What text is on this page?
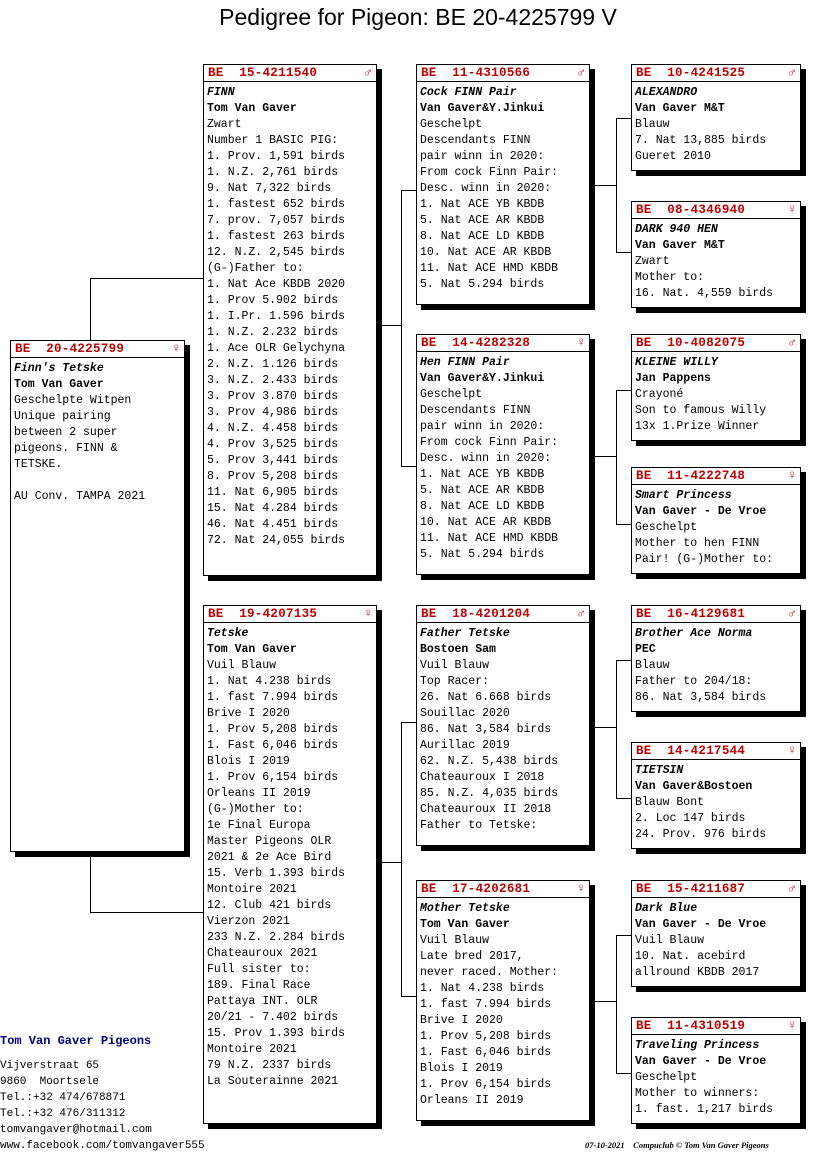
Pedigree for Pigeon: BE 20-4225799 V
BE  20-4225799	♀
Finn's Tetske
Tom Van Gaver
Geschelpte Witpen
Unique pairing
between 2 super
pigeons. FINN &
TETSKE.
AU Conv. TAMPA 2021
BE  15-4211540	♂
FINN
Tom Van Gaver
Zwart
Number 1 BASIC PIG:
1. Prov. 1,591 birds
1. N.Z. 2,761 birds
9. Nat 7,322 birds
1. fastest 652 birds
7. prov. 7,057 birds
1. fastest 263 birds
12. N.Z. 2,545 birds
(G-)Father to:
1. Nat Ace KBDB 2020
1. Prov 5.902 birds
1. I.Pr. 1.596 birds
1. N.Z. 2.232 birds
1. Ace OLR Gelychyna
2. N.Z. 1.126 birds
3. N.Z. 2.433 birds
3. Prov 3.870 birds
3. Prov 4,986 birds
4. N.Z. 4.458 birds
4. Prov 3,525 birds
5. Prov 3,441 birds
8. Prov 5,208 birds
11. Nat 6,905 birds
15. Nat 4.284 birds
46. Nat 4.451 birds
72. Nat 24,055 birds
BE  19-4207135	♀
Tetske
Tom Van Gaver
Vuil Blauw
1. Nat 4.238 birds
1. fast 7.994 birds
Brive I 2020
1. Prov 5,208 birds
1. Fast 6,046 birds
Blois I 2019
1. Prov 6,154 birds
Orleans II 2019
(G-)Mother to:
1e Final Europa
Master Pigeons OLR
2021 & 2e Ace Bird
15. Verb 1.393 birds
Montoire 2021
12. Club 421 birds
Vierzon 2021
233 N.Z. 2.284 birds
Chateauroux 2021
Full sister to:
189. Final Race
Pattaya INT. OLR
20/21 - 7.402 birds
15. Prov 1.393 birds
Montoire 2021
79 N.Z. 2337 birds
La Souterainne 2021
BE  11-4310566	♂
Cock FINN Pair
Van Gaver&Y.Jinkui
Geschelpt
Descendants FINN
pair winn in 2020:
From cock Finn Pair:
Desc. winn in 2020:
1. Nat ACE YB KBDB
5. Nat ACE AR KBDB
8. Nat ACE LD KBDB
10. Nat ACE AR KBDB
11. Nat ACE HMD KBDB
5. Nat 5.294 birds
BE  14-4282328	♀
Hen FINN Pair
Van Gaver&Y.Jinkui
Geschelpt
Descendants FINN
pair winn in 2020:
From cock Finn Pair:
Desc. winn in 2020:
1. Nat ACE YB KBDB
5. Nat ACE AR KBDB
8. Nat ACE LD KBDB
10. Nat ACE AR KBDB
11. Nat ACE HMD KBDB
5. Nat 5.294 birds
BE  18-4201204	♂
Father Tetske
Bostoen Sam
Vuil Blauw
Top Racer:
26. Nat 6.668 birds
Souillac 2020
86. Nat 3,584 birds
Aurillac 2019
62. N.Z. 5,438 birds
Chateauroux I 2018
85. N.Z. 4,035 birds
Chateauroux II 2018
Father to Tetske:
BE  17-4202681	♀
Mother Tetske
Tom Van Gaver
Vuil Blauw
Late bred 2017,
never raced. Mother:
1. Nat 4.238 birds
1. fast 7.994 birds
Brive I 2020
1. Prov 5,208 birds
1. Fast 6,046 birds
Blois I 2019
1. Prov 6,154 birds
Orleans II 2019
BE  10-4241525	♂
ALEXANDRO
Van Gaver M&T
Blauw
7. Nat 13,885 birds
Gueret 2010
BE  08-4346940	♀
DARK 940 HEN
Van Gaver M&T
Zwart
Mother to:
16. Nat. 4,559 birds
BE  10-4082075	♂
KLEINE WILLY
Jan Pappens
Crayoné
Son to famous Willy
13x 1.Prize Winner
BE  11-4222748	♀
Smart Princess
Van Gaver - De Vroe
Geschelpt
Mother to hen FINN
Pair! (G-)Mother to:
BE  16-4129681	♂
Brother Ace Norma
PEC
Blauw
Father to 204/18:
86. Nat 3,584 birds
BE  14-4217544	♀
TIETSIN
Van Gaver&Bostoen
Blauw Bont
2. Loc 147 birds
24. Prov. 976 birds
BE  15-4211687	♂
Dark Blue
Van Gaver - De Vroe
Vuil Blauw
10. Nat. acebird
allround KBDB 2017
BE  11-4310519	♀
Traveling Princess
Van Gaver - De Vroe
Geschelpt
Mother to winners:
1. fast. 1,217 birds
Tom Van Gaver Pigeons
Vijverstraat 65
9860  Moortsele
Tel.:+32 474/678871
Tel.:+32 476/311312
tomvangaver@hotmail.com
www.facebook.com/tomvangaver555	07-10-2021    Compuclub © Tom Van Gaver Pigeons
